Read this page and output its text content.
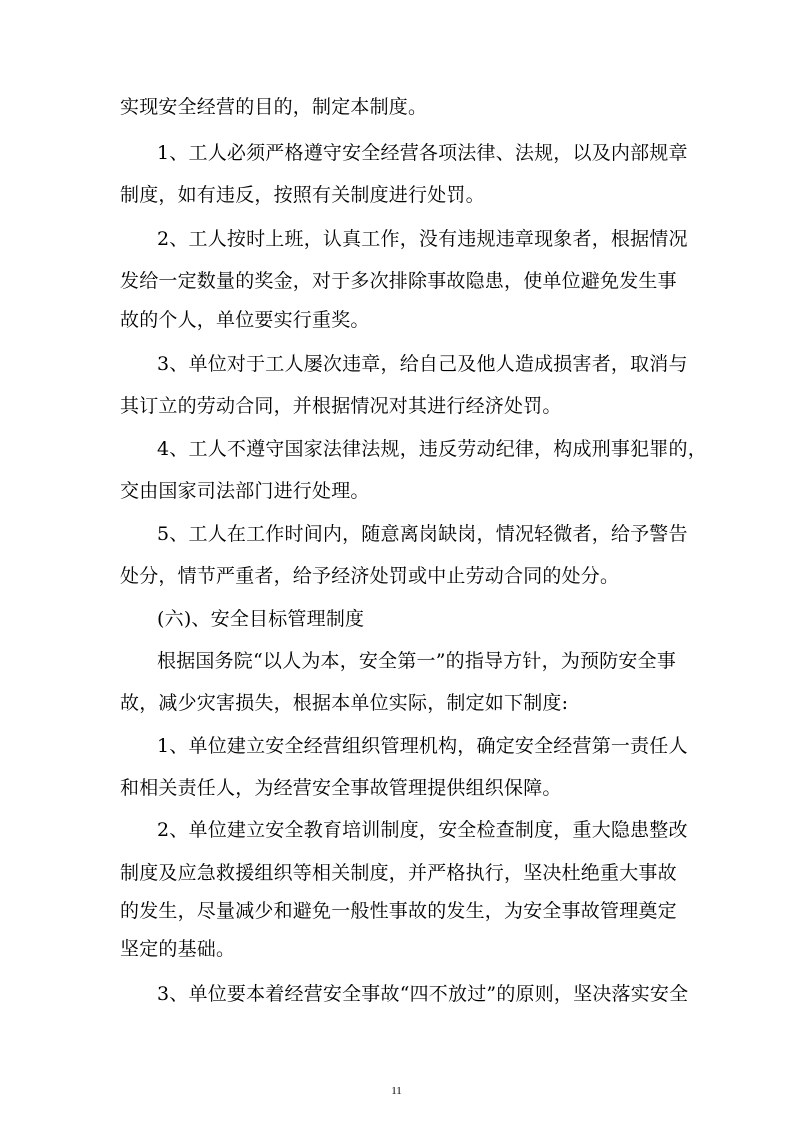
实现安全经营的目的，制定本制度。
1、工人必须严格遵守安全经营各项法律、法规，以及内部规章
制度，如有违反，按照有关制度进行处罚。
2、工人按时上班，认真工作，没有违规违章现象者，根据情况
发给一定数量的奖金，对于多次排除事故隐患，使单位避免发生事
故的个人，单位要实行重奖。
3、单位对于工人屡次违章，给自己及他人造成损害者，取消与
其订立的劳动合同，并根据情况对其进行经济处罚。
4、工人不遵守国家法律法规，违反劳动纪律，构成刑事犯罪的，
交由国家司法部门进行处理。
5、工人在工作时间内，随意离岗缺岗，情况轻微者，给予警告
处分，情节严重者，给予经济处罚或中止劳动合同的处分。
(六)、安全目标管理制度
根据国务院“以人为本，安全第一”的指导方针，为预防安全事
故，减少灾害损失，根据本单位实际，制定如下制度:
1、单位建立安全经营组织管理机构，确定安全经营第一责任人
和相关责任人，为经营安全事故管理提供组织保障。
2、单位建立安全教育培训制度，安全检查制度，重大隐患整改
制度及应急救援组织等相关制度，并严格执行，坚决杜绝重大事故
的发生，尽量减少和避免一般性事故的发生，为安全事故管理奠定
坚定的基础。
3、单位要本着经营安全事故“四不放过”的原则，坚决落实安全
11
